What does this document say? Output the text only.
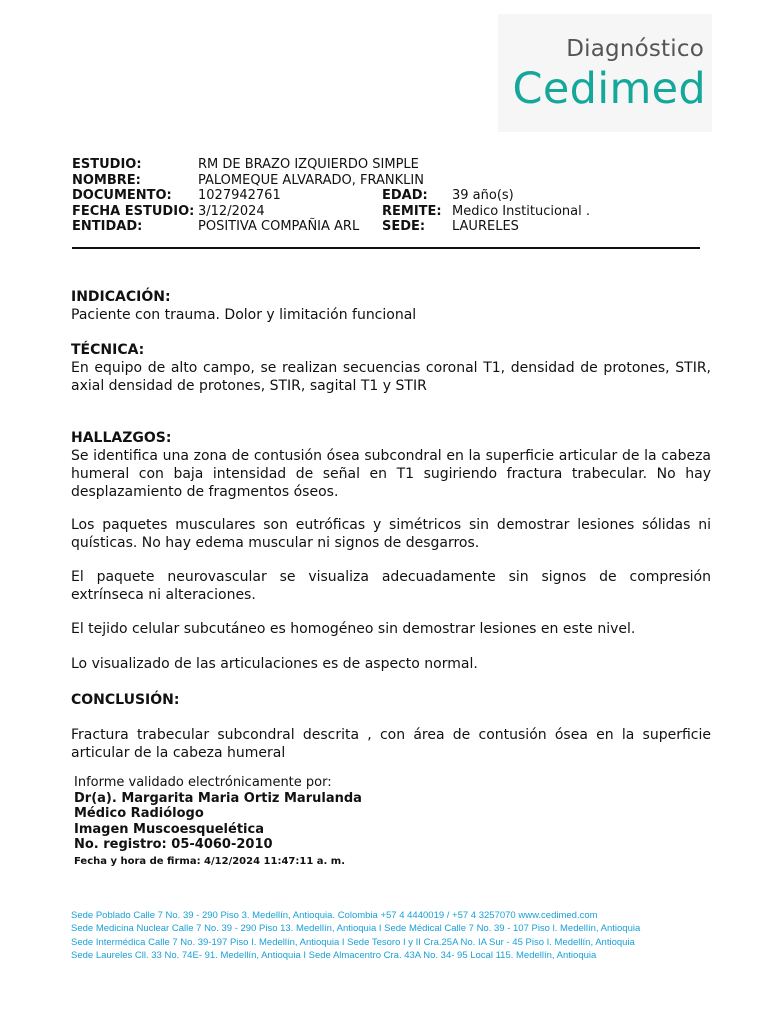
Diagnóstico
Cedimed
ESTUDIO:	RM DE BRAZO IZQUIERDO SIMPLE
NOMBRE:	PALOMEQUE ALVARADO, FRANKLIN
DOCUMENTO: 1027942761	EDAD: 39 año(s)
FECHA ESTUDIO: 3/12/2024	REMITE: Medico Institucional .
ENTIDAD:	POSITIVA COMPAÑIA ARL SEDE: LAURELES
INDICACIÓN:

Paciente con trauma. Dolor y limitación funcional

TÉCNICA:

En equipo de alto campo, se realizan secuencias coronal T1, densidad de protones, STIR, axial densidad de protones, STIR, sagital T1 y STIR

HALLAZGOS:

Se identifica una zona de contusión ósea subcondral en la superficie articular de la cabeza humeral con baja intensidad de señal en T1 sugiriendo fractura trabecular. No hay desplazamiento de fragmentos óseos.

Los paquetes musculares son eutróficas y simétricos sin demostrar lesiones sólidas ni quísticas. No hay edema muscular ni signos de desgarros.

El paquete neurovascular se visualiza adecuadamente sin signos de compresión extrínseca ni alteraciones.

El tejido celular subcutáneo es homogéneo sin demostrar lesiones en este nivel.

Lo visualizado de las articulaciones es de aspecto normal.

CONCLUSIÓN:

Fractura trabecular subcondral descrita , con área de contusión ósea en la superficie articular de la cabeza humeral

Informe validado electrónicamente por:
Dr(a). Margarita Maria Ortiz Marulanda
Médico Radiólogo
Imagen Muscoesquelética
No. registro: 05-4060-2010
Fecha y hora de firma: 4/12/2024 11:47:11 a. m.
Sede Poblado Calle 7 No. 39 - 290 Piso 3. Medellín, Antioquia. Colombia +57 4 4440019 / +57 4 3257070 www.cedimed.com
Sede Medicina Nuclear Calle 7 No. 39 - 290 Piso 13. Medellín, Antioquia I Sede Médical Calle 7 No. 39 - 107 Piso l. Medellín, Antioquia
Sede Intermédica Calle 7 No. 39-197 Piso I. Medellín, Antioquia I Sede Tesoro I y II Cra.25A No. IA Sur - 45 Piso I. Medellín, Antioquia
Sede Laureles Cll. 33 No. 74E- 91. Medellín, Antioquia I Sede Almacentro Cra. 43A No. 34- 95 Local 115. Medellín, Antioquia
